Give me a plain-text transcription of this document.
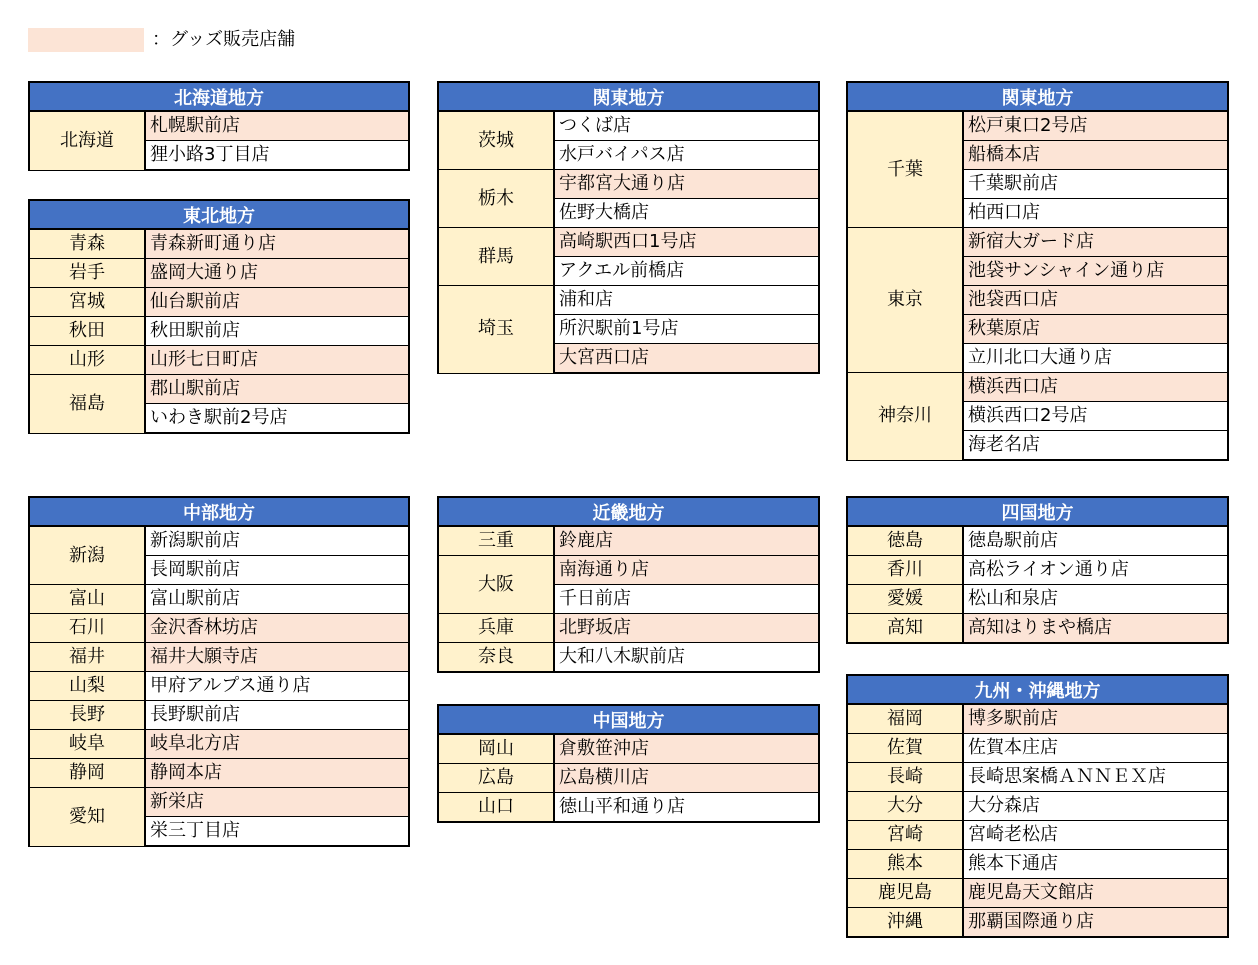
：グッズ販売店舗
北海道地方
北海道	札幌駅前店
狸小路3丁目店
東北地方	
青森	青森新町通り店
岩手	盛岡大通り店
宮城	仙台駅前店
秋田	秋田駅前店
山形	山形七日町店
福島	郡山駅前店
	いわき駅前2号店
中部地方	
新潟	新潟駅前店
	長岡駅前店
富山	富山駅前店
石川	金沢香林坊店
福井	福井大願寺店
山梨	甲府アルプス通り店
長野	長野駅前店
岐阜	岐阜北方店
静岡	静岡本店
愛知	新栄店
	栄三丁目店
関東地方	
茨城	つくば店
	水戸バイパス店
栃木	宇都宮大通り店
	佐野大橋店
群馬	高崎駅西口1号店
	アクエル前橋店
埼玉	浦和店
	所沢駅前1号店
	大宮西口店
近畿地方	
三重	鈴鹿店
大阪	南海通り店
	千日前店
兵庫	北野坂店
奈良	大和八木駅前店
中国地方	
岡山	倉敷笹沖店
広島	広島横川店
山口	徳山平和通り店
関東地方	
千葉	松戸東口2号店
	船橋本店
	千葉駅前店
	柏西口店
東京	新宿大ガード店
	池袋サンシャイン通り店
	池袋西口店
	秋葉原店
	立川北口大通り店
神奈川	横浜西口店
	横浜西口2号店
	海老名店
四国地方	
徳島	徳島駅前店
香川	高松ライオン通り店
愛媛	松山和泉店
高知	高知はりまや橋店
九州・沖縄地方	
福岡	博多駅前店
佐賀	佐賀本庄店
長崎	長崎思案橋ＡＮＮＥＸ店
大分	大分森店
宮崎	宮崎老松店
熊本	熊本下通店
鹿児島	鹿児島天文館店
沖縄	那覇国際通り店
